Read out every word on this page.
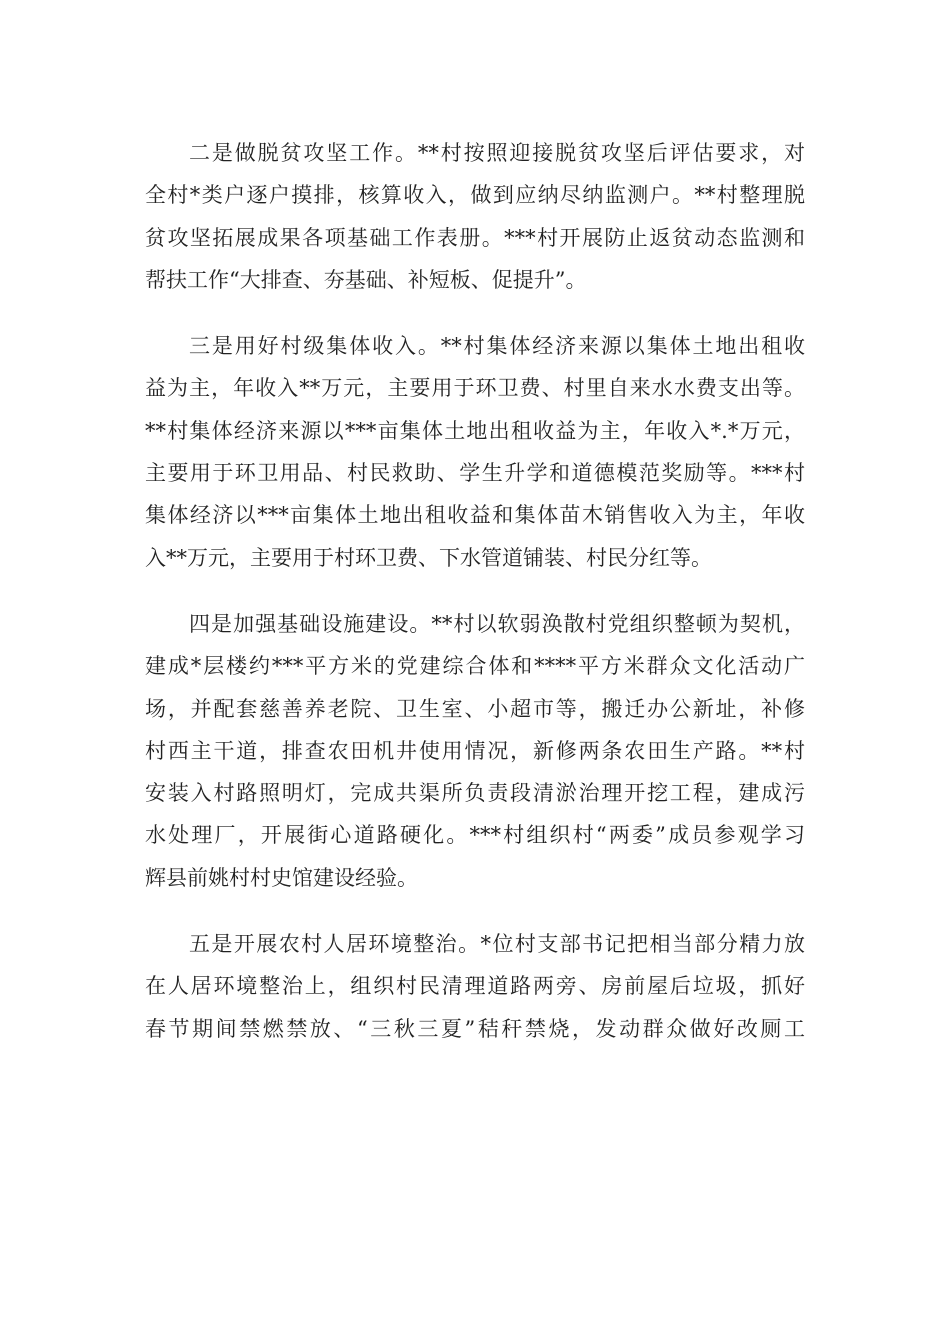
二是做脱贫攻坚工作。**村按照迎接脱贫攻坚后评估要求，对
全村*类户逐户摸排，核算收入，做到应纳尽纳监测户。**村整理脱
贫攻坚拓展成果各项基础工作表册。***村开展防止返贫动态监测和
帮扶工作“大排查、夯基础、补短板、促提升”。
三是用好村级集体收入。**村集体经济来源以集体土地出租收
益为主，年收入**万元，主要用于环卫费、村里自来水水费支出等。
**村集体经济来源以***亩集体土地出租收益为主，年收入*.*万元，
主要用于环卫用品、村民救助、学生升学和道德模范奖励等。***村
集体经济以***亩集体土地出租收益和集体苗木销售收入为主，年收
入**万元，主要用于村环卫费、下水管道铺装、村民分红等。
四是加强基础设施建设。**村以软弱涣散村党组织整顿为契机，
建成*层楼约***平方米的党建综合体和****平方米群众文化活动广
场，并配套慈善养老院、卫生室、小超市等，搬迁办公新址，补修
村西主干道，排查农田机井使用情况，新修两条农田生产路。**村
安装入村路照明灯，完成共渠所负责段清淤治理开挖工程，建成污
水处理厂，开展街心道路硬化。***村组织村“两委”成员参观学习
辉县前姚村村史馆建设经验。
五是开展农村人居环境整治。*位村支部书记把相当部分精力放
在人居环境整治上，组织村民清理道路两旁、房前屋后垃圾，抓好
春节期间禁燃禁放、“三秋三夏”秸秆禁烧，发动群众做好改厕工
